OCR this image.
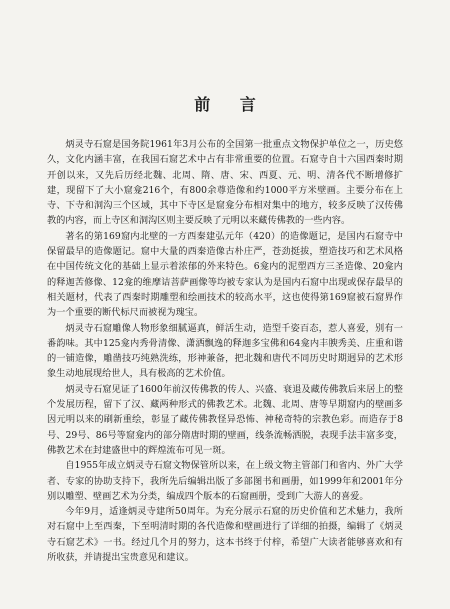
前 言

炳灵寺石窟是国务院1961年3月公布的全国第一批重点文物保护单位之一，历史悠久，文化内涵丰富，在我国石窟艺术中占有非常重要的位置。石窟寺自十六国西秦时期开创以来，又先后历经北魏、北周、隋、唐、宋、西夏、元、明、清各代不断增修扩建，现留下了大小窟龛216个，有800余尊造像和约1000平方米壁画。主要分布在上寺、下寺和洞沟三个区域，其中下寺区是窟龛分布相对集中的地方，较多反映了汉传佛教的内容，而上寺区和洞沟区则主要反映了元明以来藏传佛教的一些内容。

著名的第169窟内北壁的一方西秦建弘元年（420）的造像题记，是国内石窟寺中保留最早的造像题记。窟中大量的西秦造像古朴庄严，苍劲挺拔，塑造技巧和艺术风格在中国传统文化的基础上显示着浓郁的外来特色。6龛内的泥塑西方三圣造像、20龛内的释迦苦修像、12龛的维摩诘菩萨画像等均被专家认为是国内石窟中出现或保存最早的相关题材，代表了西秦时期雕塑和绘画技术的较高水平，这也使得第169窟被石窟界作为一个重要的断代标尺而被视为瑰宝。

炳灵寺石窟雕像人物形象细腻逼真，鲜活生动，造型千姿百态，惹人喜爱，别有一番韵味。其中125龛内秀骨清像、潇洒飘逸的释迦多宝佛和64龛内丰腴秀美、庄重和谐的一铺造像，雕凿技巧纯熟洗练，形神兼备，把北魏和唐代不同历史时期迥异的艺术形象生动地展现给世人，具有极高的艺术价值。

炳灵寺石窟见证了1600年前汉传佛教的传人、兴盛、衰退及藏传佛教后来居上的整个发展历程，留下了汉、藏两种形式的佛教艺术。北魏、北周、唐等早期窟内的壁画多因元明以来的刷新重绘，彰显了藏传佛教怪异恐怖、神秘奇特的宗教色彩。而造存于8号、29号、86号等窟龛内的部分隋唐时期的壁画，线条流畅洒脱，表现手法丰富多变，佛教艺术在封建盛世中的辉煌流布可见一斑。

自1955年成立炳灵寺石窟文物保管所以来，在上级文物主管部门和省内、外广大学者、专家的协助支持下，我所先后编辑出版了多部图书和画册，如1999年和2001年分别以雕塑、壁画艺术为分类，编成四个版本的石窟画册，受到广大游人的喜爱。

今年9月，适逢炳灵寺建所50周年。为充分展示石窟的历史价值和艺术魅力，我所对石窟中上至西秦，下至明清时期的各代造像和壁画进行了详细的拍摄，编辑了《炳灵寺石窟艺术》一书。经过几个月的努力，这本书终于付梓，希望广大读者能够喜欢和有所收获，并请提出宝贵意见和建议。
